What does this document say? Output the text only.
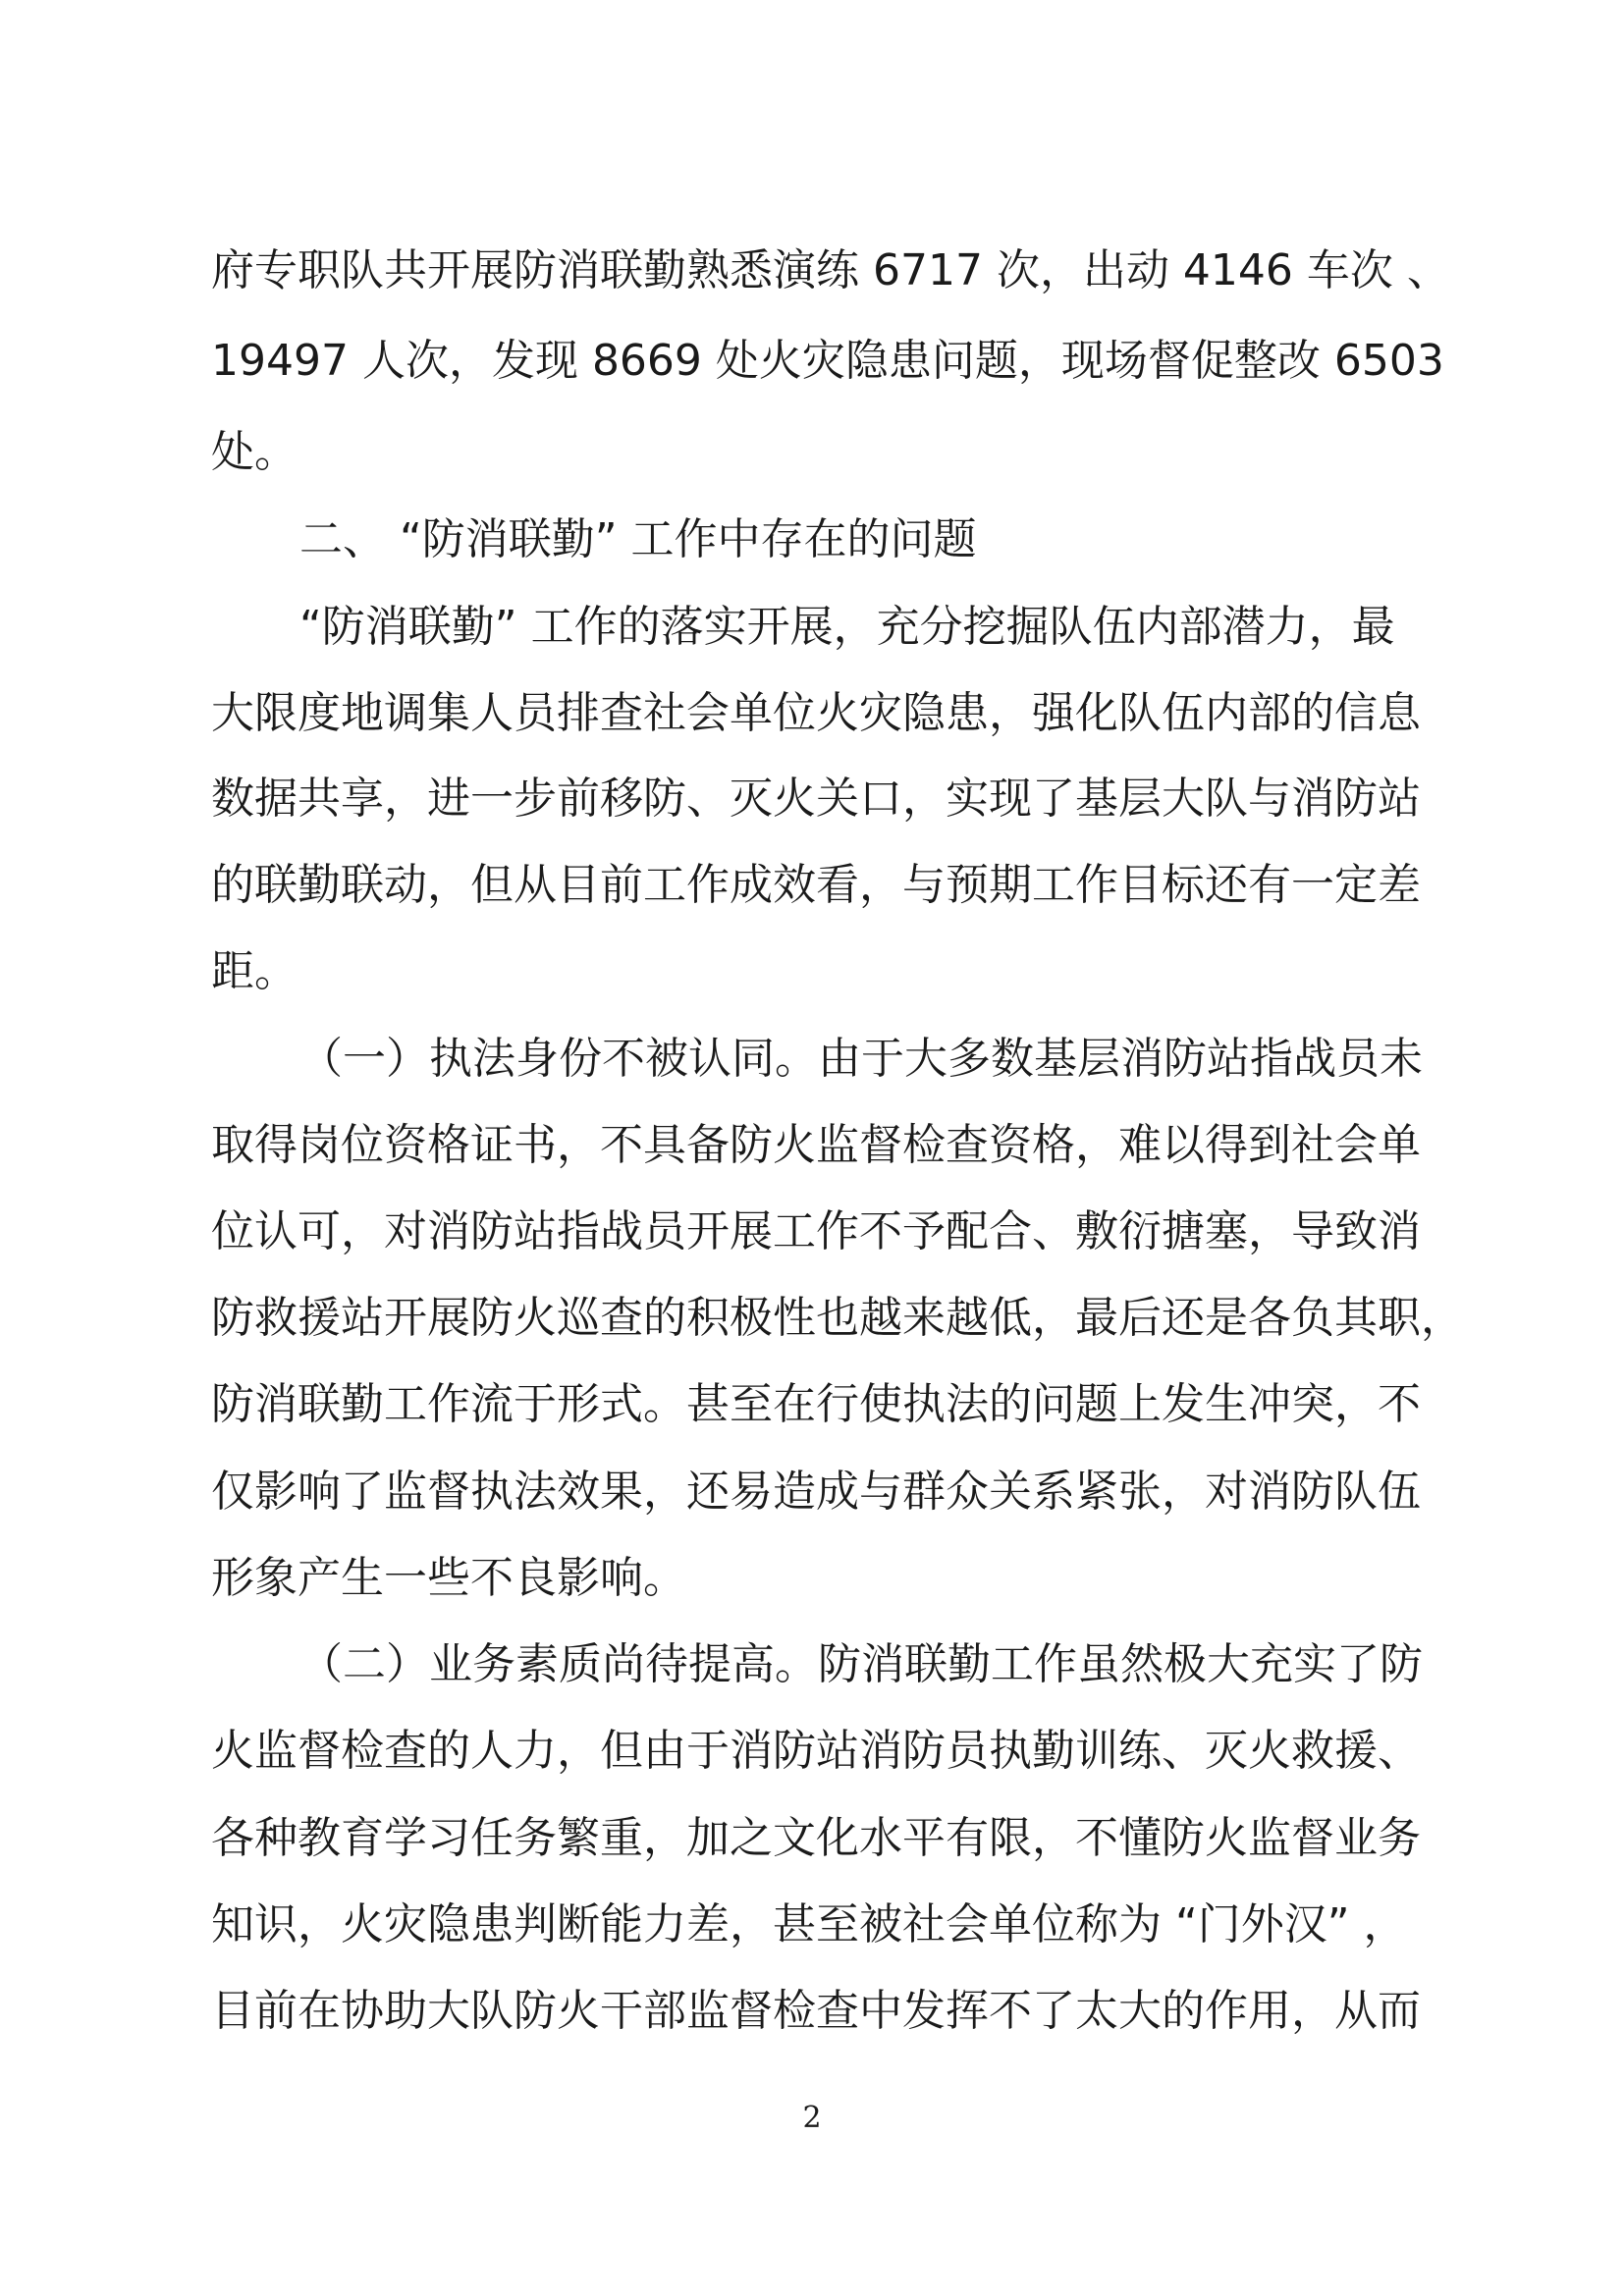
府专职队共开展防消联勤熟悉演练 6717 次，出动 4146 车次 、
19497 人次，发现 8669 处火灾隐患问题，现场督促整改 6503
处。
二、 “防消联勤” 工作中存在的问题
“防消联勤” 工作的落实开展，充分挖掘队伍内部潜力，最
大限度地调集人员排查社会单位火灾隐患，强化队伍内部的信息
数据共享，进一步前移防、灭火关口，实现了基层大队与消防站
的联勤联动，但从目前工作成效看，与预期工作目标还有一定差
距。
（一）执法身份不被认同。由于大多数基层消防站指战员未
取得岗位资格证书，不具备防火监督检查资格，难以得到社会单
位认可，对消防站指战员开展工作不予配合、敷衍搪塞，导致消
防救援站开展防火巡查的积极性也越来越低，最后还是各负其职，
防消联勤工作流于形式。甚至在行使执法的问题上发生冲突，不
仅影响了监督执法效果，还易造成与群众关系紧张，对消防队伍
形象产生一些不良影响。
（二）业务素质尚待提高。防消联勤工作虽然极大充实了防
火监督检查的人力，但由于消防站消防员执勤训练、灭火救援、
各种教育学习任务繁重，加之文化水平有限，不懂防火监督业务
知识，火灾隐患判断能力差，甚至被社会单位称为 “门外汉” ，
目前在协助大队防火干部监督检查中发挥不了太大的作用，从而
2
